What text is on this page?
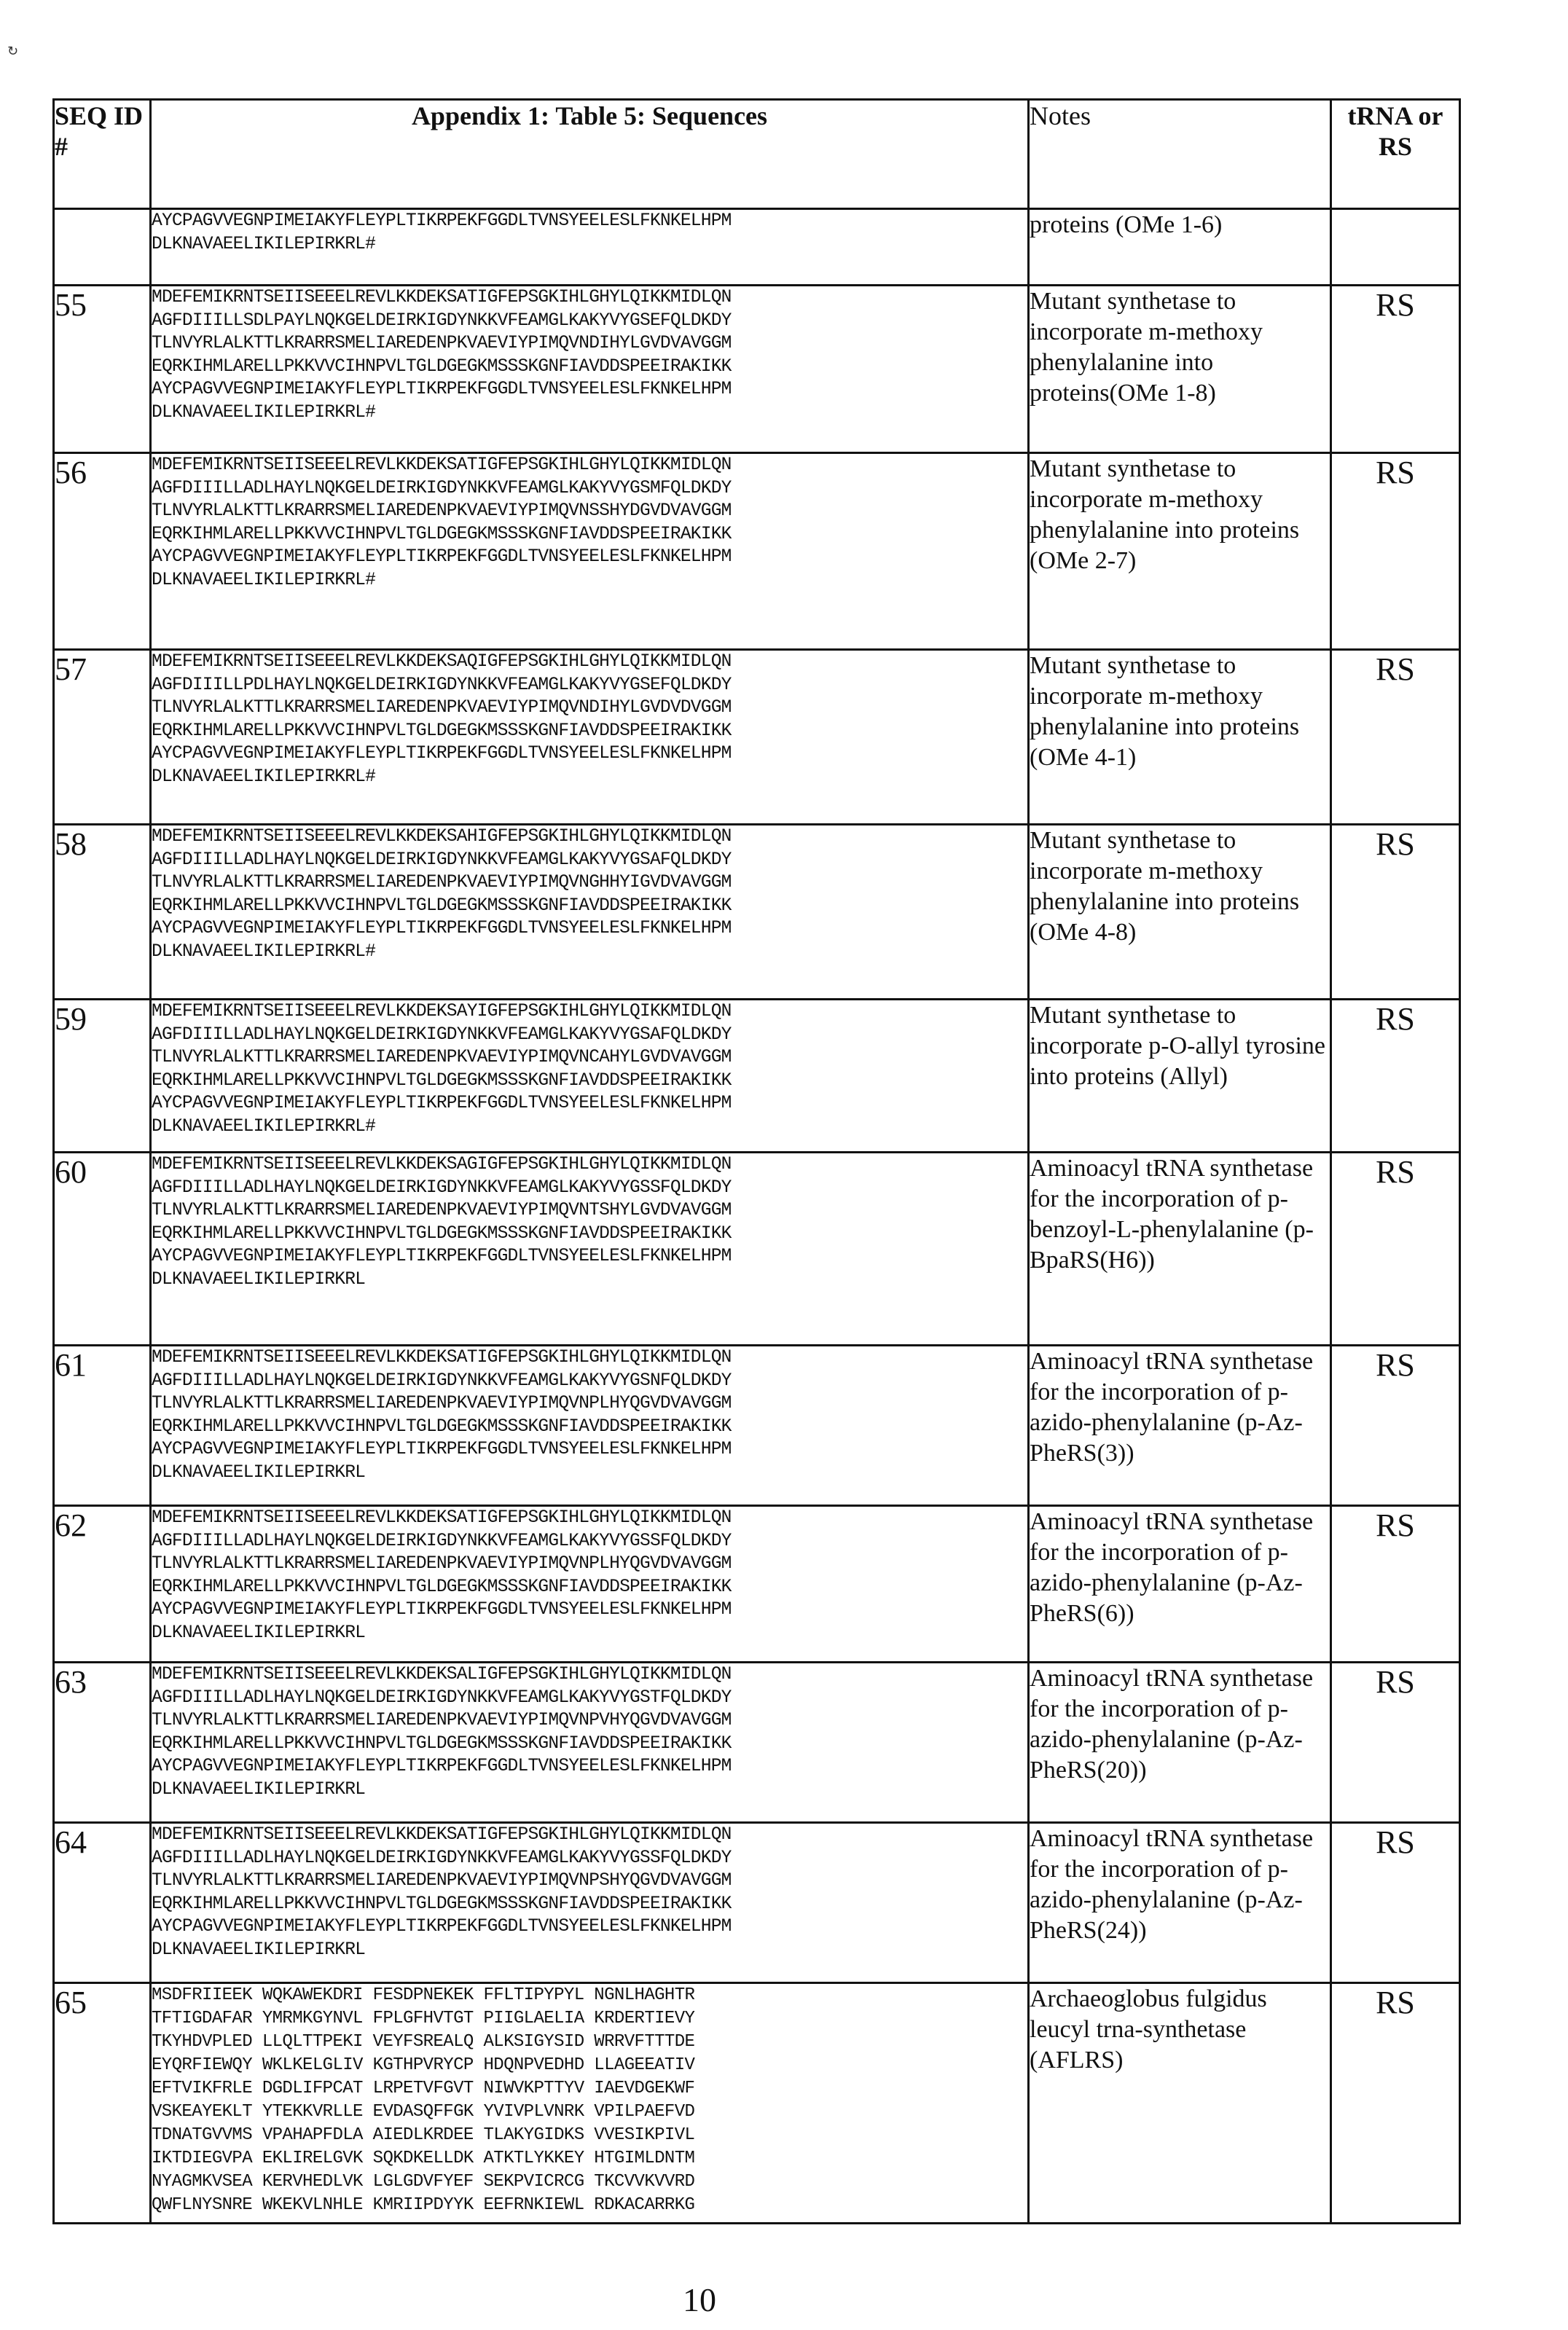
↻
SEQ ID #	Appendix 1: Table 5: Sequences	Notes	tRNA or RS

	AYCPAGVVEGNPIMEIAKYFLEYPLTIKRPEKFGGDLTVNSYEELESLFKNKELHPM
DLKNAVAEELIKILEPIRKRL#	proteins (OMe 1-6)	
55	MDEFEMIKRNTSEIISEEELREVLKKDEKSATIGFEPSGKIHLGHYLQIKKMIDLQN
AGFDIIILLSDLPAYLNQKGELDEIRKIGDYNKKVFEAMGLKAKYVYGSEFQLDKDY
TLNVYRLALKTTLKRARRSMELIAREDENPKVAEVIYPIMQVNDIHYLGVDVAVGGM
EQRKIHMLARELLPKKVVCIHNPVLTGLDGEGKMSSSKGNFIAVDDSPEEIRAKIKK
AYCPAGVVEGNPIMEIAKYFLEYPLTIKRPEKFGGDLTVNSYEELESLFKNKELHPM
DLKNAVAEELIKILEPIRKRL#
	Mutant synthetase to incorporate m-methoxy phenylalanine into proteins(OMe 1-8)	RS
56	MDEFEMIKRNTSEIISEEELREVLKKDEKSATIGFEPSGKIHLGHYLQIKKMIDLQN
AGFDIIILLADLHAYLNQKGELDEIRKIGDYNKKVFEAMGLKAKYVYGSMFQLDKDY
TLNVYRLALKTTLKRARRSMELIAREDENPKVAEVIYPIMQVNSSHYDGVDVAVGGM
EQRKIHMLARELLPKKVVCIHNPVLTGLDGEGKMSSSKGNFIAVDDSPEEIRAKIKK
AYCPAGVVEGNPIMEIAKYFLEYPLTIKRPEKFGGDLTVNSYEELESLFKNKELHPM
DLKNAVAEELIKILEPIRKRL#
	Mutant synthetase to incorporate m-methoxy phenylalanine into proteins (OMe 2-7)	RS
57	MDEFEMIKRNTSEIISEEELREVLKKDEKSAQIGFEPSGKIHLGHYLQIKKMIDLQN
AGFDIIILLPDLHAYLNQKGELDEIRKIGDYNKKVFEAMGLKAKYVYGSEFQLDKDY
TLNVYRLALKTTLKRARRSMELIAREDENPKVAEVIYPIMQVNDIHYLGVDVDVGGM
EQRKIHMLARELLPKKVVCIHNPVLTGLDGEGKMSSSKGNFIAVDDSPEEIRAKIKK
AYCPAGVVEGNPIMEIAKYFLEYPLTIKRPEKFGGDLTVNSYEELESLFKNKELHPM
DLKNAVAEELIKILEPIRKRL#
	Mutant synthetase to incorporate m-methoxy phenylalanine into proteins (OMe 4-1)	RS
58	MDEFEMIKRNTSEIISEEELREVLKKDEKSAHIGFEPSGKIHLGHYLQIKKMIDLQN
AGFDIIILLADLHAYLNQKGELDEIRKIGDYNKKVFEAMGLKAKYVYGSAFQLDKDY
TLNVYRLALKTTLKRARRSMELIAREDENPKVAEVIYPIMQVNGHHYIGVDVAVGGM
EQRKIHMLARELLPKKVVCIHNPVLTGLDGEGKMSSSKGNFIAVDDSPEEIRAKIKK
AYCPAGVVEGNPIMEIAKYFLEYPLTIKRPEKFGGDLTVNSYEELESLFKNKELHPM
DLKNAVAEELIKILEPIRKRL#
	Mutant synthetase to incorporate m-methoxy phenylalanine into proteins (OMe 4-8)	RS
59	MDEFEMIKRNTSEIISEEELREVLKKDEKSAYIGFEPSGKIHLGHYLQIKKMIDLQN
AGFDIIILLADLHAYLNQKGELDEIRKIGDYNKKVFEAMGLKAKYVYGSAFQLDKDY
TLNVYRLALKTTLKRARRSMELIAREDENPKVAEVIYPIMQVNCAHYLGVDVAVGGM
EQRKIHMLARELLPKKVVCIHNPVLTGLDGEGKMSSSKGNFIAVDDSPEEIRAKIKK
AYCPAGVVEGNPIMEIAKYFLEYPLTIKRPEKFGGDLTVNSYEELESLFKNKELHPM
DLKNAVAEELIKILEPIRKRL#
	Mutant synthetase to incorporate p-O-allyl tyrosine into proteins (Allyl)	RS
60	MDEFEMIKRNTSEIISEEELREVLKKDEKSAGIGFEPSGKIHLGHYLQIKKMIDLQN
AGFDIIILLADLHAYLNQKGELDEIRKIGDYNKKVFEAMGLKAKYVYGSSFQLDKDY
TLNVYRLALKTTLKRARRSMELIAREDENPKVAEVIYPIMQVNTSHYLGVDVAVGGM
EQRKIHMLARELLPKKVVCIHNPVLTGLDGEGKMSSSKGNFIAVDDSPEEIRAKIKK
AYCPAGVVEGNPIMEIAKYFLEYPLTIKRPEKFGGDLTVNSYEELESLFKNKELHPM
DLKNAVAEELIKILEPIRKRL
	Aminoacyl tRNA synthetase for the incorporation of p-benzoyl-L-phenylalanine (p-BpaRS(H6))	RS
61	MDEFEMIKRNTSEIISEEELREVLKKDEKSATIGFEPSGKIHLGHYLQIKKMIDLQN
AGFDIIILLADLHAYLNQKGELDEIRKIGDYNKKVFEAMGLKAKYVYGSNFQLDKDY
TLNVYRLALKTTLKRARRSMELIAREDENPKVAEVIYPIMQVNPLHYQGVDVAVGGM
EQRKIHMLARELLPKKVVCIHNPVLTGLDGEGKMSSSKGNFIAVDDSPEEIRAKIKK
AYCPAGVVEGNPIMEIAKYFLEYPLTIKRPEKFGGDLTVNSYEELESLFKNKELHPM
DLKNAVAEELIKILEPIRKRL
	Aminoacyl tRNA synthetase for the incorporation of p-azido-phenylalanine (p-Az-PheRS(3))	RS
62	MDEFEMIKRNTSEIISEEELREVLKKDEKSATIGFEPSGKIHLGHYLQIKKMIDLQN
AGFDIIILLADLHAYLNQKGELDEIRKIGDYNKKVFEAMGLKAKYVYGSSFQLDKDY
TLNVYRLALKTTLKRARRSMELIAREDENPKVAEVIYPIMQVNPLHYQGVDVAVGGM
EQRKIHMLARELLPKKVVCIHNPVLTGLDGEGKMSSSKGNFIAVDDSPEEIRAKIKK
AYCPAGVVEGNPIMEIAKYFLEYPLTIKRPEKFGGDLTVNSYEELESLFKNKELHPM
DLKNAVAEELIKILEPIRKRL
	Aminoacyl tRNA synthetase for the incorporation of p-azido-phenylalanine (p-Az-PheRS(6))	RS
63	MDEFEMIKRNTSEIISEEELREVLKKDEKSALIGFEPSGKIHLGHYLQIKKMIDLQN
AGFDIIILLADLHAYLNQKGELDEIRKIGDYNKKVFEAMGLKAKYVYGSTFQLDKDY
TLNVYRLALKTTLKRARRSMELIAREDENPKVAEVIYPIMQVNPVHYQGVDVAVGGM
EQRKIHMLARELLPKKVVCIHNPVLTGLDGEGKMSSSKGNFIAVDDSPEEIRAKIKK
AYCPAGVVEGNPIMEIAKYFLEYPLTIKRPEKFGGDLTVNSYEELESLFKNKELHPM
DLKNAVAEELIKILEPIRKRL
	Aminoacyl tRNA synthetase for the incorporation of p-azido-phenylalanine (p-Az-PheRS(20))	RS
64	MDEFEMIKRNTSEIISEEELREVLKKDEKSATIGFEPSGKIHLGHYLQIKKMIDLQN
AGFDIIILLADLHAYLNQKGELDEIRKIGDYNKKVFEAMGLKAKYVYGSSFQLDKDY
TLNVYRLALKTTLKRARRSMELIAREDENPKVAEVIYPIMQVNPSHYQGVDVAVGGM
EQRKIHMLARELLPKKVVCIHNPVLTGLDGEGKMSSSKGNFIAVDDSPEEIRAKIKK
AYCPAGVVEGNPIMEIAKYFLEYPLTIKRPEKFGGDLTVNSYEELESLFKNKELHPM
DLKNAVAEELIKILEPIRKRL
	Aminoacyl tRNA synthetase for the incorporation of p-azido-phenylalanine (p-Az-PheRS(24))	RS
65	MSDFRIIEEK WQKAWEKDRI FESDPNEKEK FFLTIPYPYL NGNLHAGHTR
TFTIGDAFAR YMRMKGYNVL FPLGFHVTGT PIIGLAELIA KRDERTIEVY
TKYHDVPLED LLQLTTPEKI VEYFSREALQ ALKSIGYSID WRRVFTTTDE
EYQRFIEWQY WKLKELGLIV KGTHPVRYCP HDQNPVEDHD LLAGEEATIV
EFTVIKFRLE DGDLIFPCAT LRPETVFGVT NIWVKPTTYV IAEVDGEKWF
VSKEAYEKLT YTEKKVRLLE EVDASQFFGK YVIVPLVNRK VPILPAEFVD
TDNATGVVMS VPAHAPFDLA AIEDLKRDEE TLAKYGIDKS VVESIKPIVL
IKTDIEGVPA EKLIRELGVK SQKDKELLDK ATKTLYKKEY HTGIMLDNTM
NYAGMKVSEA KERVHEDLVK LGLGDVFYEF SEKPVICRCG TKCVVKVVRD
QWFLNYSNRE WKEKVLNHLE KMRIIPDYYK EEFRNKIEWL RDKACARRKG
	Archaeoglobus fulgidus leucyl trna-synthetase (AFLRS)	RS
10
